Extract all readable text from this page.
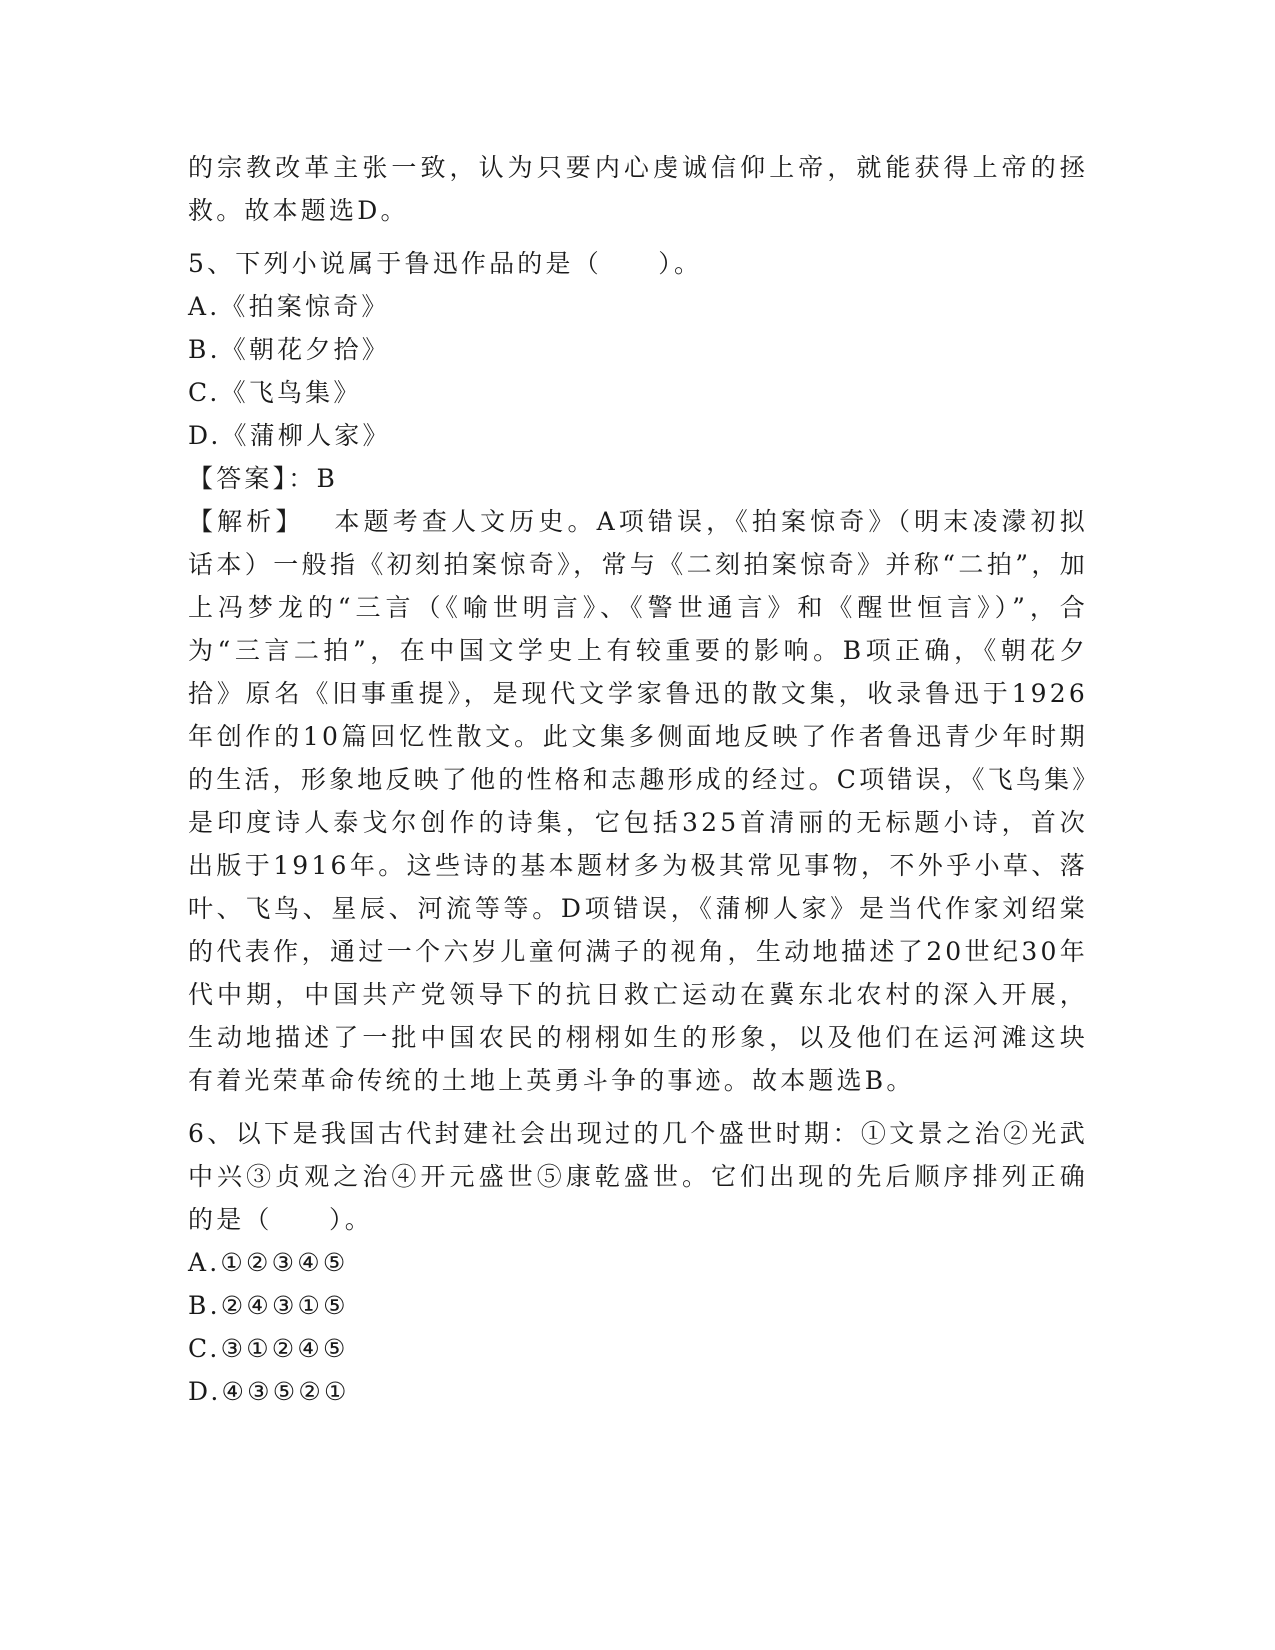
的宗教改革主张一致，认为只要内心虔诚信仰上帝，就能获得上帝的拯救。故本题选D。

5、下列小说属于鲁迅作品的是（　　）。

A.《拍案惊奇》

B.《朝花夕拾》

C.《飞鸟集》

D.《蒲柳人家》

【答案】：B

【解析】 本题考查人文历史。A项错误，《拍案惊奇》（明末凌濛初拟话本）一般指《初刻拍案惊奇》，常与《二刻拍案惊奇》并称“二拍”，加上冯梦龙的“三言（《喻世明言》、《警世通言》和《醒世恒言》）”，合为“三言二拍”，在中国文学史上有较重要的影响。B项正确，《朝花夕拾》原名《旧事重提》，是现代文学家鲁迅的散文集，收录鲁迅于1926年创作的10篇回忆性散文。此文集多侧面地反映了作者鲁迅青少年时期的生活，形象地反映了他的性格和志趣形成的经过。C项错误，《飞鸟集》是印度诗人泰戈尔创作的诗集，它包括325首清丽的无标题小诗，首次出版于1916年。这些诗的基本题材多为极其常见事物，不外乎小草、落叶、飞鸟、星辰、河流等等。D项错误，《蒲柳人家》是当代作家刘绍棠的代表作，通过一个六岁儿童何满子的视角，生动地描述了20世纪30年代中期，中国共产党领导下的抗日救亡运动在冀东北农村的深入开展，生动地描述了一批中国农民的栩栩如生的形象，以及他们在运河滩这块有着光荣革命传统的土地上英勇斗争的事迹。故本题选B。

6、以下是我国古代封建社会出现过的几个盛世时期：①文景之治②光武中兴③贞观之治④开元盛世⑤康乾盛世。它们出现的先后顺序排列正确的是（　　）。

A.①②③④⑤

B.②④③①⑤

C.③①②④⑤

D.④③⑤②①
